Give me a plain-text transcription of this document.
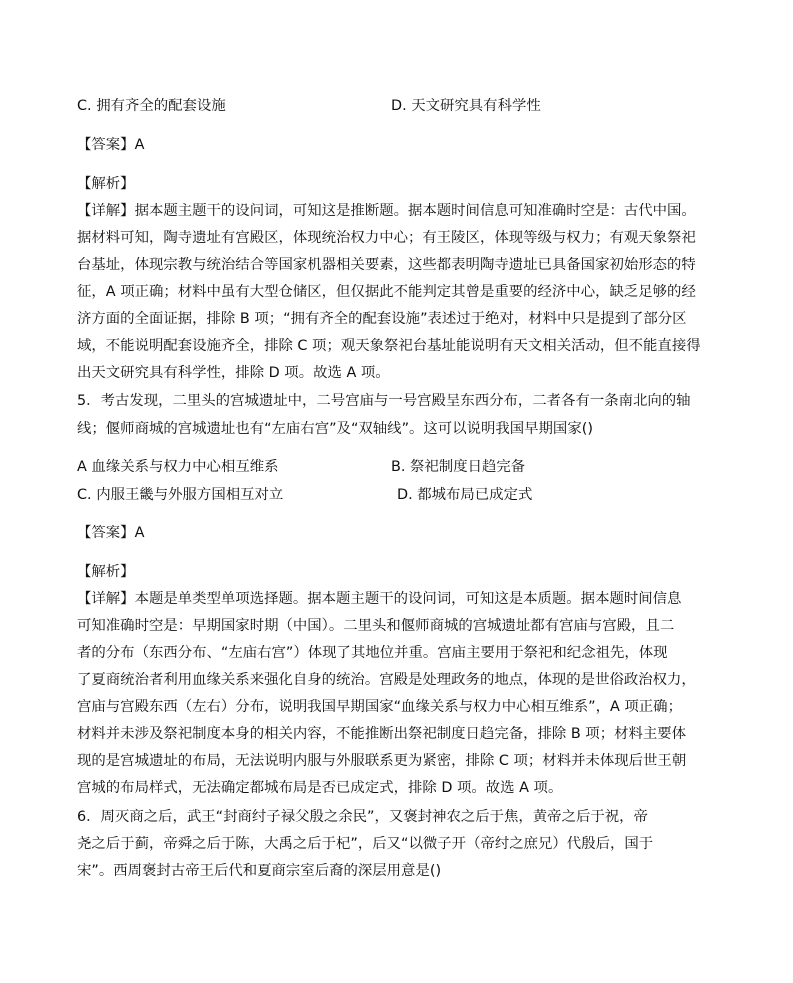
C. 拥有齐全的配套设施	D. 天文研究具有科学性
【答案】A
【解析】
【详解】据本题主题干的设问词，可知这是推断题。据本题时间信息可知准确时空是：古代中国。
据材料可知，陶寺遗址有宫殿区，体现统治权力中心；有王陵区，体现等级与权力；有观天象祭祀
台基址，体现宗教与统治结合等国家机器相关要素，这些都表明陶寺遗址已具备国家初始形态的特
征，A 项正确；材料中虽有大型仓储区，但仅据此不能判定其曾是重要的经济中心，缺乏足够的经
济方面的全面证据，排除 B 项；“拥有齐全的配套设施”表述过于绝对，材料中只是提到了部分区
域，不能说明配套设施齐全，排除 C 项；观天象祭祀台基址能说明有天文相关活动，但不能直接得
出天文研究具有科学性，排除 D 项。故选 A 项。
5．考古发现，二里头的宫城遗址中，二号宫庙与一号宫殿呈东西分布，二者各有一条南北向的轴
线；偃师商城的宫城遗址也有“左庙右宫”及“双轴线”。这可以说明我国早期国家()
A 血缘关系与权力中心相互维系	B. 祭祀制度日趋完备
C. 内服王畿与外服方国相互对立	D. 都城布局已成定式
【答案】A
【解析】
【详解】本题是单类型单项选择题。据本题主题干的设问词，可知这是本质题。据本题时间信息
可知准确时空是：早期国家时期（中国）。二里头和偃师商城的宫城遗址都有宫庙与宫殿，且二
者的分布（东西分布、“左庙右宫”）体现了其地位并重。宫庙主要用于祭祀和纪念祖先，体现
了夏商统治者利用血缘关系来强化自身的统治。宫殿是处理政务的地点，体现的是世俗政治权力，
宫庙与宫殿东西（左右）分布，说明我国早期国家“血缘关系与权力中心相互维系”，A 项正确；
材料并未涉及祭祀制度本身的相关内容，不能推断出祭祀制度日趋完备，排除 B 项；材料主要体
现的是宫城遗址的布局，无法说明内服与外服联系更为紧密，排除 C 项；材料并未体现后世王朝
宫城的布局样式，无法确定都城布局是否已成定式，排除 D 项。故选 A 项。
6．周灭商之后，武王“封商纣子禄父殷之余民”，又褒封神农之后于焦，黄帝之后于祝，帝
尧之后于蓟，帝舜之后于陈，大禹之后于杞”，后又“以微子开（帝纣之庶兄）代殷后，国于
宋”。西周褒封古帝王后代和夏商宗室后裔的深层用意是()
